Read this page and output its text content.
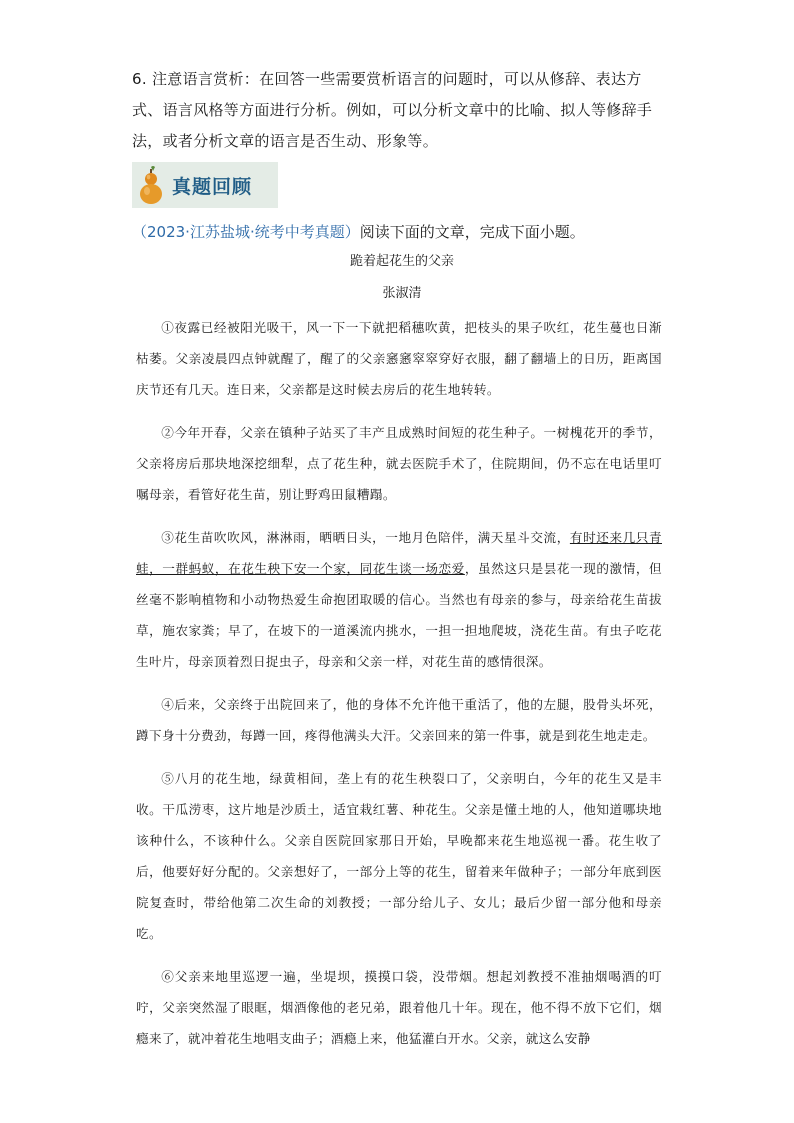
6. 注意语言赏析：在回答一些需要赏析语言的问题时，可以从修辞、表达方式、语言风格等方面进行分析。例如，可以分析文章中的比喻、拟人等修辞手法，或者分析文章的语言是否生动、形象等。
真题回顾
（2023·江苏盐城·统考中考真题）阅读下面的文章，完成下面小题。
跪着起花生的父亲
张淑清

①夜露已经被阳光吸干，风一下一下就把稻穗吹黄，把枝头的果子吹红，花生蔓也日渐枯萎。父亲凌晨四点钟就醒了，醒了的父亲窸窸窣窣穿好衣服，翻了翻墙上的日历，距离国庆节还有几天。连日来，父亲都是这时候去房后的花生地转转。

②今年开春，父亲在镇种子站买了丰产且成熟时间短的花生种子。一树槐花开的季节，父亲将房后那块地深挖细犁，点了花生种，就去医院手术了，住院期间，仍不忘在电话里叮嘱母亲，看管好花生苗，别让野鸡田鼠糟蹋。

③花生苗吹吹风，淋淋雨，晒晒日头，一地月色陪伴，满天星斗交流，有时还来几只青蛙，一群蚂蚁，在花生秧下安一个家，同花生谈一场恋爱，虽然这只是昙花一现的激情，但丝毫不影响植物和小动物热爱生命抱团取暖的信心。当然也有母亲的参与，母亲给花生苗拔草，施农家粪；早了，在坡下的一道溪流内挑水，一担一担地爬坡，浇花生苗。有虫子吃花生叶片，母亲顶着烈日捉虫子，母亲和父亲一样，对花生苗的感情很深。

④后来，父亲终于出院回来了，他的身体不允许他干重活了，他的左腿，股骨头坏死，蹲下身十分费劲，每蹲一回，疼得他满头大汗。父亲回来的第一件事，就是到花生地走走。

⑤八月的花生地，绿黄相间，垄上有的花生秧裂口了，父亲明白，今年的花生又是丰收。干瓜涝枣，这片地是沙质土，适宜栽红薯、种花生。父亲是懂土地的人，他知道哪块地该种什么，不该种什么。父亲自医院回家那日开始，早晚都来花生地巡视一番。花生收了后，他要好好分配的。父亲想好了，一部分上等的花生，留着来年做种子；一部分年底到医院复查时，带给他第二次生命的刘教授；一部分给儿子、女儿；最后少留一部分他和母亲吃。

⑥父亲来地里巡逻一遍，坐堤坝，摸摸口袋，没带烟。想起刘教授不准抽烟喝酒的叮咛，父亲突然湿了眼眶，烟酒像他的老兄弟，跟着他几十年。现在，他不得不放下它们，烟瘾来了，就冲着花生地唱支曲子；酒瘾上来，他猛灌白开水。父亲，就这么安静
